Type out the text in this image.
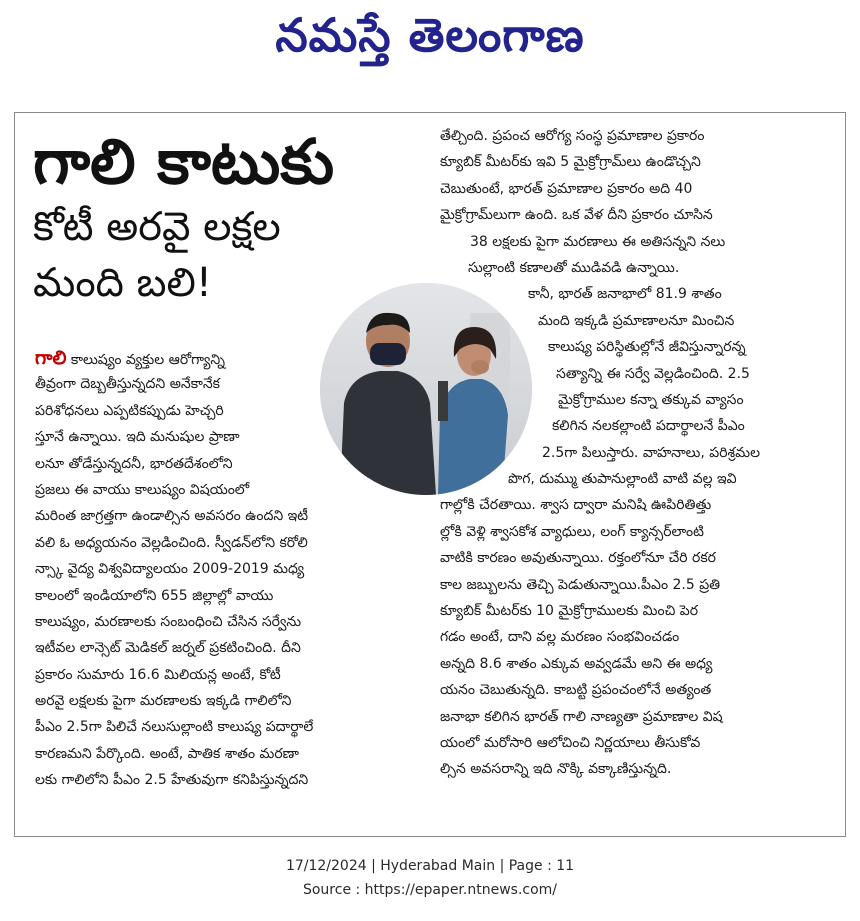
నమస్తే తెలంగాణ
గాలి కాటుకు
కోటీ అరవై లక్షల
మంది బలి!
గాలి కాలుష్యం వ్యక్తుల ఆరోగ్యాన్ని
తీవ్రంగా దెబ్బతీస్తున్నదని అనేకానేక
పరిశోధనలు ఎప్పటికప్పుడు హెచ్చరి
స్తూనే ఉన్నాయి. ఇది మనుషుల ప్రాణా
లనూ తోడేస్తున్నదనీ, భారతదేశంలోని
ప్రజలు ఈ వాయు కాలుష్యం విషయంలో
మరింత జాగ్రత్తగా ఉండాల్సిన అవసరం ఉందని ఇటీ
వలి ఓ అధ్యయనం వెల్లడించింది. స్వీడన్‌లోని కరోలి
న్స్కా వైద్య విశ్వవిద్యాలయం 2009-2019 మధ్య
కాలంలో ఇండియాలోని 655 జిల్లాల్లో వాయు
కాలుష్యం, మరణాలకు సంబంధించి చేసిన సర్వేను
ఇటీవల లాన్సెట్ మెడికల్ జర్నల్ ప్రకటించింది. దీని
ప్రకారం సుమారు 16.6 మిలియన్ల అంటే, కోటీ
అరవై లక్షలకు పైగా మరణాలకు ఇక్కడి గాలిలోని
పీఎం 2.5గా పిలిచే నలుసుల్లాంటి కాలుష్య పదార్థాలే
కారణమని పేర్కొంది. అంటే, పాతిక శాతం మరణా
లకు గాలిలోని పీఎం 2.5 హేతువుగా కనిపిస్తున్నదని
తేల్చింది. ప్రపంచ ఆరోగ్య సంస్థ ప్రమాణాల ప్రకారం
క్యూబిక్ మీటర్‌కు ఇవి 5 మైక్రోగ్రామ్‌లు ఉండొచ్చని
చెబుతుంటే, భారత్ ప్రమాణాల ప్రకారం అది 40
మైక్రోగ్రామ్‌లుగా ఉంది. ఒక వేళ దీని ప్రకారం చూసిన
38 లక్షలకు పైగా మరణాలు ఈ అతిసన్నని నలు
సుల్లాంటి కణాలతో ముడివడి ఉన్నాయి.
కానీ, భారత్ జనాభాలో 81.9 శాతం
మంది ఇక్కడి ప్రమాణాలనూ మించిన
కాలుష్య పరిస్థితుల్లోనే జీవిస్తున్నారన్న
సత్యాన్ని ఈ సర్వే వెల్లడించింది. 2.5
మైక్రోగ్రాముల కన్నా తక్కువ వ్యాసం
కలిగిన నలకల్లాంటి పదార్థాలనే పీఎం
2.5గా పిలుస్తారు. వాహనాలు, పరిశ్రమల
పొగ, దుమ్ము తుపానుల్లాంటి వాటి వల్ల ఇవి
గాల్లోకి చేరతాయి. శ్వాస ద్వారా మనిషి ఊపిరితిత్తు
ల్లోకి వెళ్లి శ్వాసకోశ వ్యాధులు, లంగ్ క్యాన్సర్‌లాంటి
వాటికి కారణం అవుతున్నాయి. రక్తంలోనూ చేరి రకర
కాల జబ్బులను తెచ్చి పెడుతున్నాయి.పీఎం 2.5 ప్రతి
క్యూబిక్ మీటర్‌కు 10 మైక్రోగ్రాములకు మించి పెర
గడం అంటే, దాని వల్ల మరణం సంభవించడం
అన్నది 8.6 శాతం ఎక్కువ అవ్వడమే అని ఈ అధ్య
యనం చెబుతున్నది. కాబట్టి ప్రపంచంలోనే అత్యంత
జనాభా కలిగిన భారత్ గాలి నాణ్యతా ప్రమాణాల విష
యంలో మరోసారి ఆలోచించి నిర్ణయాలు తీసుకోవ
ల్సిన అవసరాన్ని ఇది నొక్కి వక్కాణిస్తున్నది.
17/12/2024 | Hyderabad Main | Page : 11
Source : https://epaper.ntnews.com/
